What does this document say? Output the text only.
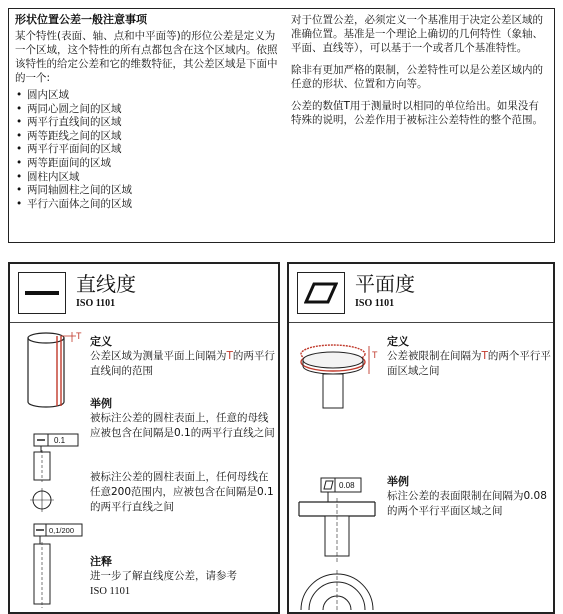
形状位置公差一般注意事项
某个特性(表面、轴、点和中平面等)的形位公差是定义为一个区域，这个特性的所有点都包含在这个区域内。依照该特性的给定公差和它的维数特征，其公差区域是下面中的一个:
• 圆内区域
• 两同心圆之间的区域
• 两平行直线间的区域
• 两等距线之间的区域
• 两平行平面间的区域
• 两等距面间的区域
• 圆柱内区域
• 两同轴圆柱之间的区域
• 平行六面体之间的区域

对于位置公差，必须定义一个基准用于决定公差区域的准确位置。基准是一个理论上确切的几何特性（象轴、平面、直线等），可以基于一个或者几个基准特性。

除非有更加严格的限制，公差特性可以是公差区域内的任意的形状、位置和方向等。

公差的数值T用于测量时以相同的单位给出。如果没有特殊的说明，公差作用于被标注公差特性的整个范围。

直线度
ISO 1101
T 定义
公差区域为测量平面上间隔为T的两平行直线间的范围
举例
被标注公差的圆柱表面上，任意的母线应被包含在间隔是0.1的两平行直线之间
0.1
被标注公差的圆柱表面上，任何母线在任意200范围内，应被包含在间隔是0.1的两平行直线之间
0,1/200
注释
进一步了解直线度公差，请参考
ISO 1101
平面度
ISO 1101
T
定义
公差被限制在间隔为T的两个平行平面区域之间
0.08	举例
标注公差的表面限制在间隔为0.08的两个平行平面区域之间
